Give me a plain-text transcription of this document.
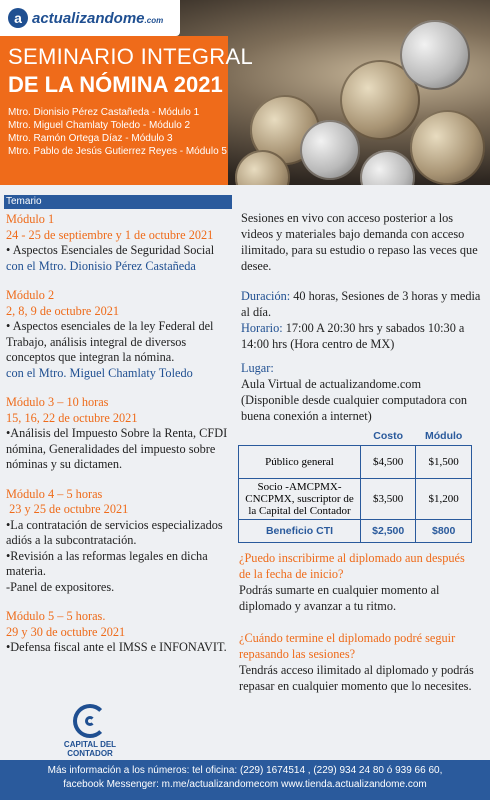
a actualizandome.com
SEMINARIO INTEGRAL
DE LA NÓMINA 2021
Mtro. Dionisio Pérez Castañeda - Módulo 1
Mtro. Miguel Chamlaty Toledo - Módulo 2
Mtro. Ramón Ortega Díaz - Módulo 3
Mtro. Pablo de Jesús Gutierrez Reyes - Módulo 5
Temario
Módulo 1
24 - 25 de septiembre y 1 de octubre 2021
• Aspectos Esenciales de Seguridad Social
con el Mtro. Dionisio Pérez Castañeda
Módulo 2
2, 8, 9 de octubre 2021
• Aspectos esenciales de la ley Federal del Trabajo, análisis integral de diversos conceptos que integran la nómina.
con el Mtro. Miguel Chamlaty Toledo
Módulo 3 – 10 horas
15, 16, 22 de octubre 2021
•Análisis del Impuesto Sobre la Renta, CFDI nómina, Generalidades del impuesto sobre nóminas y su dictamen.
Módulo 4 – 5 horas
23 y 25 de octubre 2021
•La contratación de servicios especializados adiós a la subcontratación.
•Revisión a las reformas legales en dicha materia.
-Panel de expositores.
Módulo 5 – 5 horas.
29 y 30 de octubre 2021
•Defensa fiscal ante el IMSS e INFONAVIT.

Sesiones en vivo con acceso posterior a los videos y materiales bajo demanda con acceso ilimitado, para su estudio o repaso las veces que desee.

Duración: 40 horas, Sesiones de 3 horas y media al día.

Horario: 17:00 A 20:30 hrs y sabados 10:30 a 14:00 hrs (Hora centro de MX)

Lugar:

Aula Virtual de actualizandome.com (Disponible desde cualquier computadora con buena conexión a internet)

	Costo	Módulo
Público general	$4,500	$1,500
Socio -AMCPMX-CNCPMX, suscriptor de la Capital del Contador	$3,500	$1,200
Beneficio CTI	$2,500	$800
¿Puedo inscribirme al diplomado aun después de la fecha de inicio?
Podrás sumarte en cualquier momento al diplomado y avanzar a tu ritmo.
¿Cuándo termine el diplomado podré seguir repasando las sesiones?
Tendrás acceso ilimitado al diplomado y podrás repasar en cualquier momento que lo necesites.
CAPITAL DEL
CONTADOR
Más información a los números: tel oficina: (229) 1674514 , (229) 934 24 80 ó 939 66 60,
facebook Messenger: m.me/actualizandomecom www.tienda.actualizandome.com
